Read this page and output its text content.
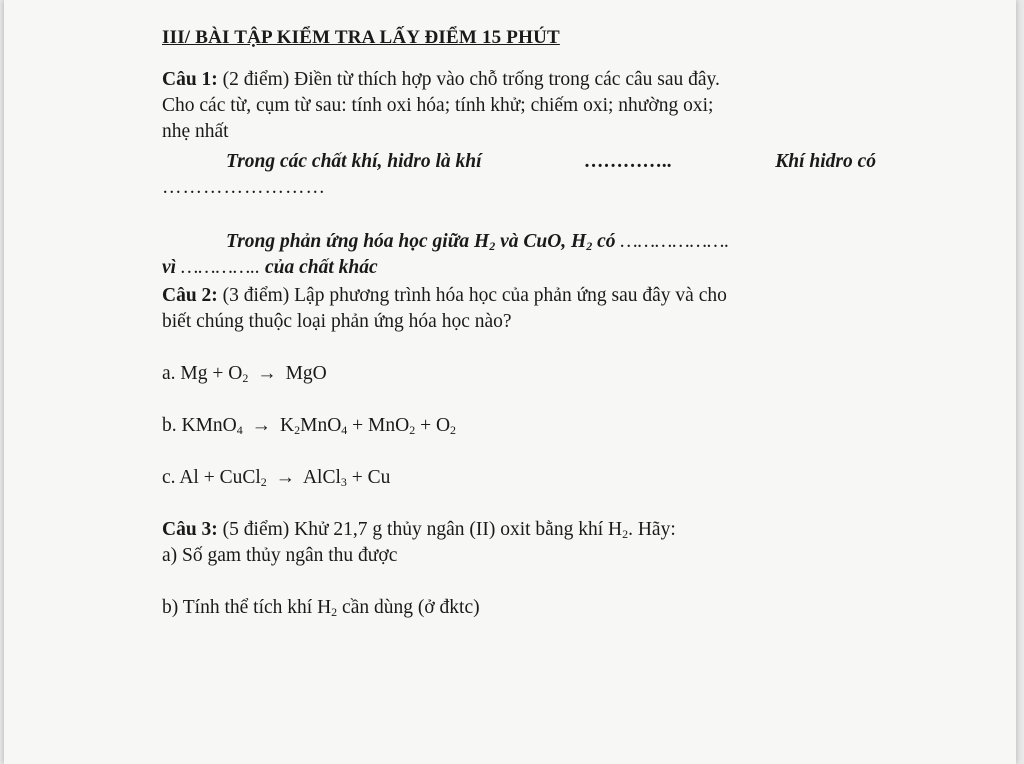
III/ BÀI TẬP KIỂM TRA LẤY ĐIỂM 15 PHÚT
Câu 1: (2 điểm) Điền từ thích hợp vào chỗ trống trong các câu sau đây.
Cho các từ, cụm từ sau: tính oxi hóa; tính khử; chiếm oxi; nhường oxi;
nhẹ nhất
Trong các chất khí, hidro là khí	…………..	Khí hidro có
……………………
Trong phản ứng hóa học giữa $H_2$ và CuO, $H_2$ có ……………….
vì ………….. của chất khác
Câu 2: (3 điểm) Lập phương trình hóa học của phản ứng sau đây và cho
biết chúng thuộc loại phản ứng hóa học nào?
a. $Mg + O_2$ → MgO
b. KMnO$_4$ → $K_2MnO_4 + MnO_2 + O_2$
c. Al + CuCl$_2$ → AlCl$_3$ + Cu
Câu 3: (5 điểm) Khử 21,7 g thủy ngân (II) oxit bằng khí $H_2$. Hãy:
a) Số gam thủy ngân thu được
b) Tính thể tích khí $H_2$ cần dùng (ở đktc)
